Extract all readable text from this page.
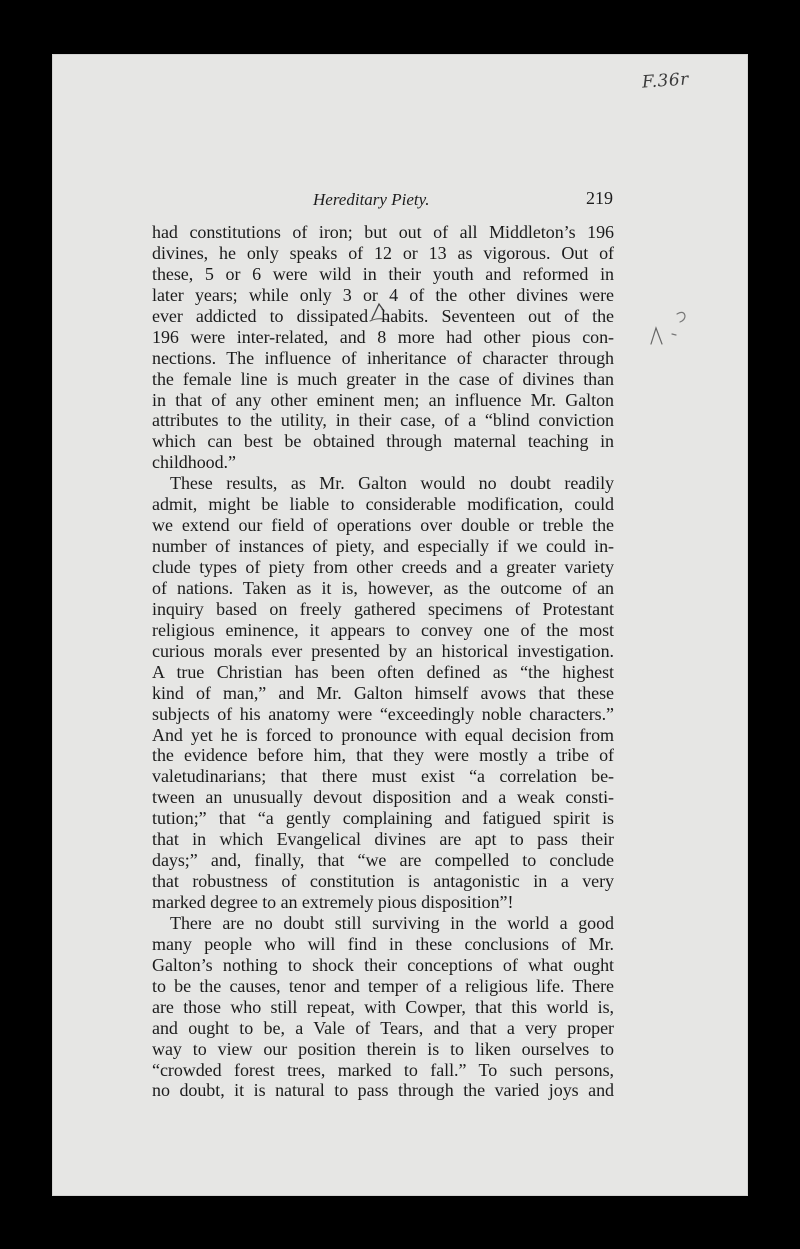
F.36r
Hereditary Piety.	219
had constitutions of iron; but out of all Middleton’s 196
divines, he only speaks of 12 or 13 as vigorous. Out of
these, 5 or 6 were wild in their youth and reformed in
later years; while only 3 or 4 of the other divines were
ever addicted to dissipated habits. Seventeen out of the
196 were inter-related, and 8 more had other pious con-
nections. The influence of inheritance of character through
the female line is much greater in the case of divines than
in that of any other eminent men; an influence Mr. Galton
attributes to the utility, in their case, of a “blind conviction
which can best be obtained through maternal teaching in
childhood.”
These results, as Mr. Galton would no doubt readily
admit, might be liable to considerable modification, could
we extend our field of operations over double or treble the
number of instances of piety, and especially if we could in-
clude types of piety from other creeds and a greater variety
of nations. Taken as it is, however, as the outcome of an
inquiry based on freely gathered specimens of Protestant
religious eminence, it appears to convey one of the most
curious morals ever presented by an historical investigation.
A true Christian has been often defined as “the highest
kind of man,” and Mr. Galton himself avows that these
subjects of his anatomy were “exceedingly noble characters.”
And yet he is forced to pronounce with equal decision from
the evidence before him, that they were mostly a tribe of
valetudinarians; that there must exist “a correlation be-
tween an unusually devout disposition and a weak consti-
tution;” that “a gently complaining and fatigued spirit is
that in which Evangelical divines are apt to pass their
days;” and, finally, that “we are compelled to conclude
that robustness of constitution is antagonistic in a very
marked degree to an extremely pious disposition”!
There are no doubt still surviving in the world a good
many people who will find in these conclusions of Mr.
Galton’s nothing to shock their conceptions of what ought
to be the causes, tenor and temper of a religious life. There
are those who still repeat, with Cowper, that this world is,
and ought to be, a Vale of Tears, and that a very proper
way to view our position therein is to liken ourselves to
“crowded forest trees, marked to fall.” To such persons,
no doubt, it is natural to pass through the varied joys and
